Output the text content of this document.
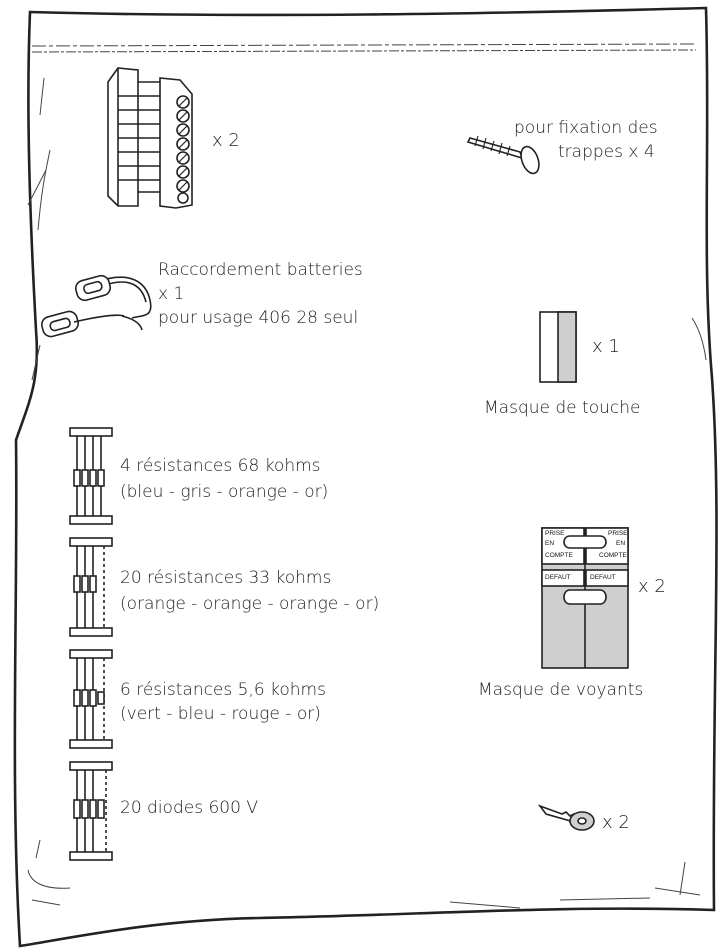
x 2
pour fixation des
trappes x 4
Raccordement batteries
x 1
pour usage 406 28 seul
x 1
Masque de touche
4 résistances 68 kohms
(bleu - gris - orange - or)
20 résistances 33 kohms
(orange - orange - orange - or)
6 résistances 5,6 kohms
(vert - bleu - rouge - or)
20 diodes 600 V
x 2
Masque de voyants
PRISE
EN
COMPTE
PRISE
EN
COMPTE
DEFAUT	DEFAUT
x 2
